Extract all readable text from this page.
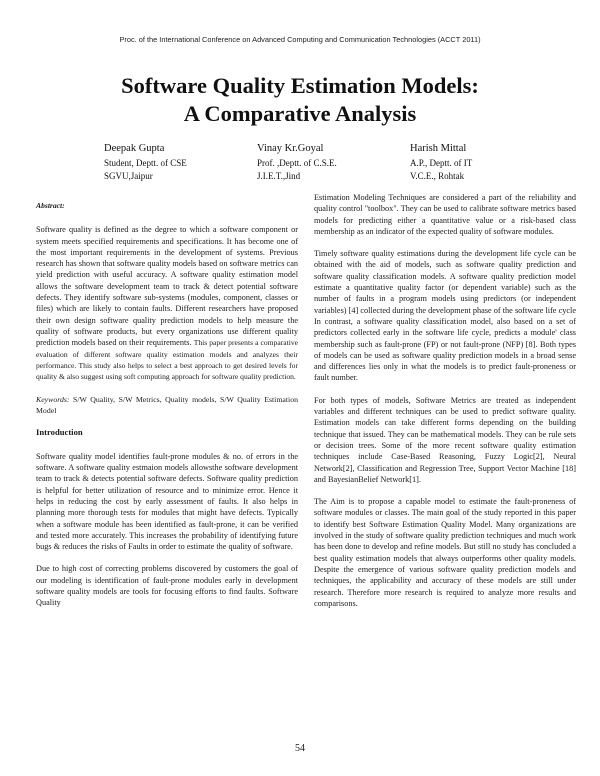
Proc. of the International Conference on Advanced Computing and Communication Technologies (ACCT 2011)
Software Quality Estimation Models:
A Comparative Analysis
Deepak Gupta
Student, Deptt. of CSE
SGVU,Jaipur
Vinay Kr.Goyal
Prof. ,Deptt. of C.S.E.
J.I.E.T.,Jind
Harish Mittal
A.P., Deptt. of IT
V.C.E., Rohtak
Abstract:

Software quality is defined as the degree to which a software component or system meets specified requirements and specifications. It has become one of the most important requirements in the development of systems. Previous research has shown that software quality models based on software metrics can yield prediction with useful accuracy. A software quality estimation model allows the software development team to track & detect potential software defects. They identify software sub-systems (modules, component, classes or files) which are likely to contain faults. Different researchers have proposed their own design software quality prediction models to help measure the quality of software products, but every organizations use different quality prediction models based on their requirements. This paper presents a comparative evaluation of different software quality estimation models and analyzes their performance. This study also helps to select a best approach to get desired levels for quality & also suggest using soft computing approach for software quality prediction.

Keywords: S/W Quality, S/W Metrics, Quality models, S/W Quality Estimation Model

Introduction

Software quality model identifies fault-prone modules & no. of errors in the software. A software quality estmaion models allowsthe software development team to track & detects potential software defects. Software quality prediction is helpful for better utilization of resource and to minimize error. Hence it helps in reducing the cost by early assessment of faults. It also helps in planning more thorough tests for modules that might have defects. Typically when a software module has been identified as fault-prone, it can be verified and tested more accurately. This increases the probability of identifying future bugs & reduces the risks of Faults in order to estimate the quality of software.

Due to high cost of correcting problems discovered by customers the goal of our modeling is identification of fault-prone modules early in development software quality models are tools for focusing efforts to find faults. Software Quality

Estimation Modeling Techniques are considered a part of the reliability and quality control "toolbox". They can be used to calibrate software metrics based models for predicting either a quantitative value or a risk-based class membership as an indicator of the expected quality of software modules.

Timely software quality estimations during the development life cycle can be obtained with the aid of models, such as software quality prediction and software quality classification models. A software quality prediction model estimate a quantitative quality factor (or dependent variable) such as the number of faults in a program models using predictors (or independent variables) [4] collected during the development phase of the software life cycle In contrast, a software quality classification model, also based on a set of predictors collected early in the software life cycle, predicts a module' class membership such as fault-prone (FP) or not fault-prone (NFP) [8]. Both types of models can be used as software quality prediction models in a broad sense and differences lies only in what the models is to predict fault-proneness or fault number.

For both types of models, Software Metrics are treated as independent variables and different techniques can be used to predict software quality. Estimation models can take different forms depending on the building technique that issued. They can be mathematical models. They can be rule sets or decision trees. Some of the more recent software quality estimation techniques include Case-Based Reasoning, Fuzzy Logic[2], Neural Network[2], Classification and Regression Tree, Support Vector Machine [18] and BayesianBelief Network[1].

The Aim is to propose a capable model to estimate the fault-proneness of software modules or classes. The main goal of the study reported in this paper to identify best Software Estimation Quality Model. Many organizations are involved in the study of software quality prediction techniques and much work has been done to develop and refine models. But still no study has concluded a best quality estimation models that always outperforms other quality models. Despite the emergence of various software quality prediction models and techniques, the applicability and accuracy of these models are still under research. Therefore more research is required to analyze more results and comparisons.

54
